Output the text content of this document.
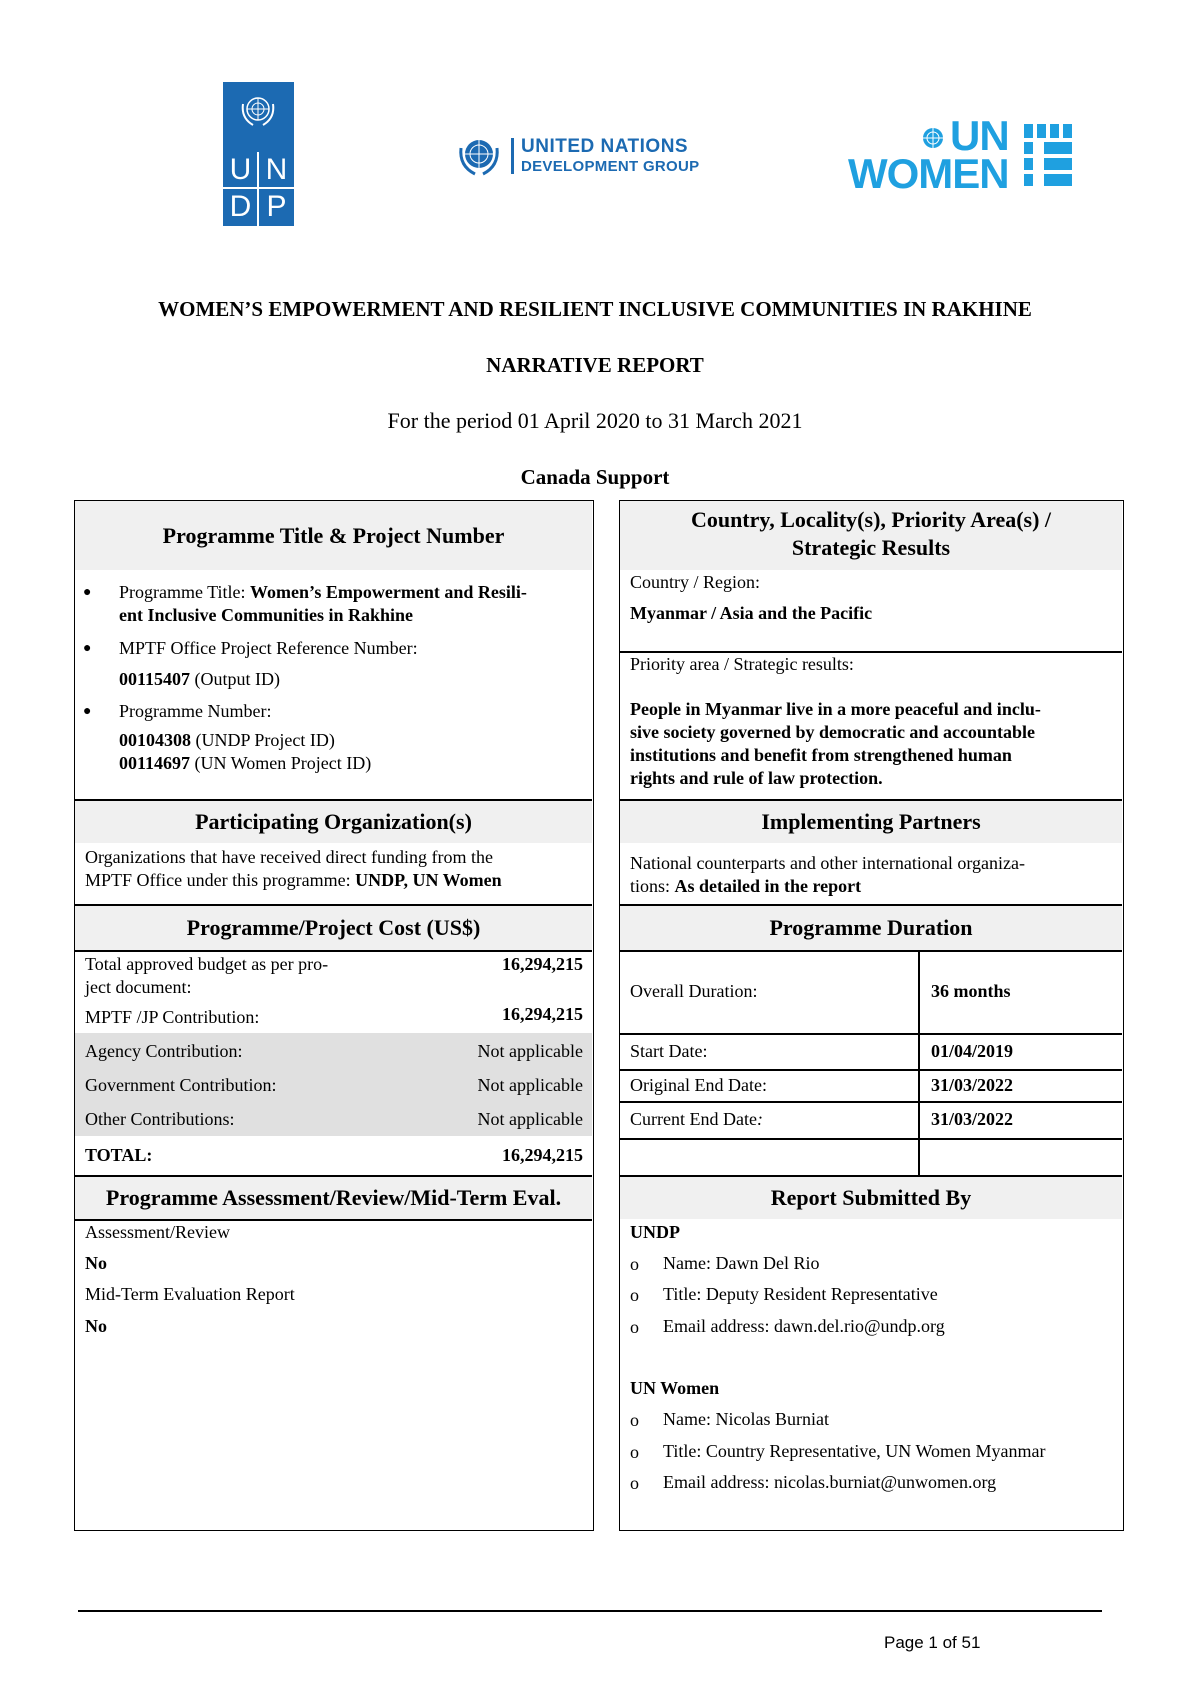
U N
D P
UNITED NATIONS
DEVELOPMENT GROUP
UN
WOMEN
WOMEN’S EMPOWERMENT AND RESILIENT INCLUSIVE COMMUNITIES IN RAKHINE
NARRATIVE REPORT
For the period 01 April 2020 to 31 March 2021
Canada Support
Programme Title & Project Number
● Programme Title: Women’s Empowerment and Resili-
ent Inclusive Communities in Rakhine
● MPTF Office Project Reference Number:
00115407 (Output ID)
● Programme Number:
00104308 (UNDP Project ID)
00114697 (UN Women Project ID)
Participating Organization(s)
Organizations that have received direct funding from the
MPTF Office under this programme: UNDP, UN Women
Programme/Project Cost (US$)
Total approved budget as per pro-
ject document:
16,294,215
MPTF /JP Contribution:	16,294,215
Agency Contribution:	Not applicable
Government Contribution:	Not applicable
Other Contributions:	Not applicable
TOTAL:	16,294,215
Programme Assessment/Review/Mid-Term Eval.
Assessment/Review
No
Mid-Term Evaluation Report
No
Country, Locality(s), Priority Area(s) /
Strategic Results
Country / Region:
Myanmar / Asia and the Pacific
Priority area / Strategic results:
People in Myanmar live in a more peaceful and inclu-
sive society governed by democratic and accountable
institutions and benefit from strengthened human
rights and rule of law protection.
Implementing Partners
National counterparts and other international organiza-
tions: As detailed in the report
Programme Duration
Overall Duration:	36 months
Start Date:	01/04/2019
Original End Date:	31/03/2022
Current End Date:	31/03/2022
Report Submitted By
UNDP
o Name: Dawn Del Rio
o Title: Deputy Resident Representative
o Email address: dawn.del.rio@undp.org
UN Women
o Name: Nicolas Burniat
o Title: Country Representative, UN Women Myanmar
o Email address: nicolas.burniat@unwomen.org
Page 1 of 51
